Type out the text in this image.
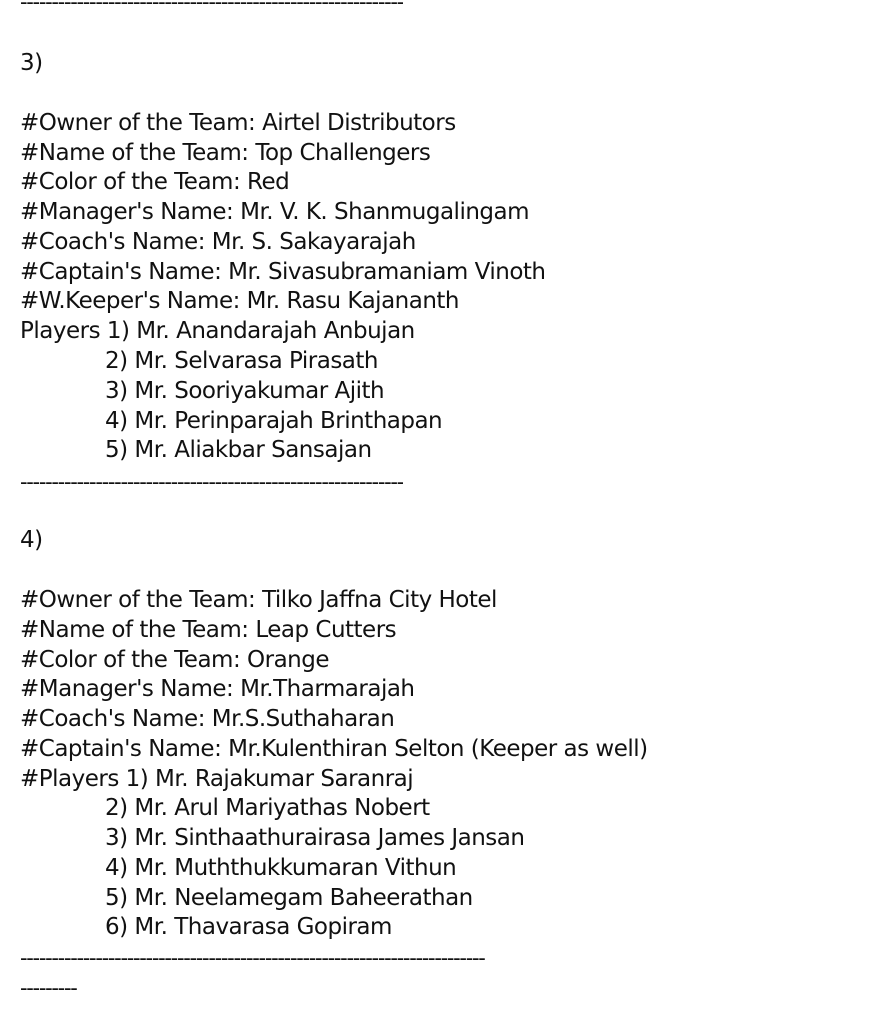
-------------------------------------------------------------
3)
#Owner of the Team: Airtel Distributors
#Name of the Team: Top Challengers
#Color of the Team: Red
#Manager's Name: Mr. V. K. Shanmugalingam
#Coach's Name: Mr. S. Sakayarajah
#Captain's Name: Mr. Sivasubramaniam Vinoth
#W.Keeper's Name: Mr. Rasu Kajananth
Players 1) Mr. Anandarajah Anbujan
2) Mr. Selvarasa Pirasath
3) Mr. Sooriyakumar Ajith
4) Mr. Perinparajah Brinthapan
5) Mr. Aliakbar Sansajan
-------------------------------------------------------------
4)
#Owner of the Team: Tilko Jaffna City Hotel
#Name of the Team: Leap Cutters
#Color of the Team: Orange
#Manager's Name: Mr.Tharmarajah
#Coach's Name: Mr.S.Suthaharan
#Captain's Name: Mr.Kulenthiran Selton (Keeper as well)
#Players 1) Mr. Rajakumar Saranraj
2) Mr. Arul Mariyathas Nobert
3) Mr. Sinthaathurairasa James Jansan
4) Mr. Muththukkumaran Vithun
5) Mr. Neelamegam Baheerathan
6) Mr. Thavarasa Gopiram
--------------------------------------------------------------------------
---------
